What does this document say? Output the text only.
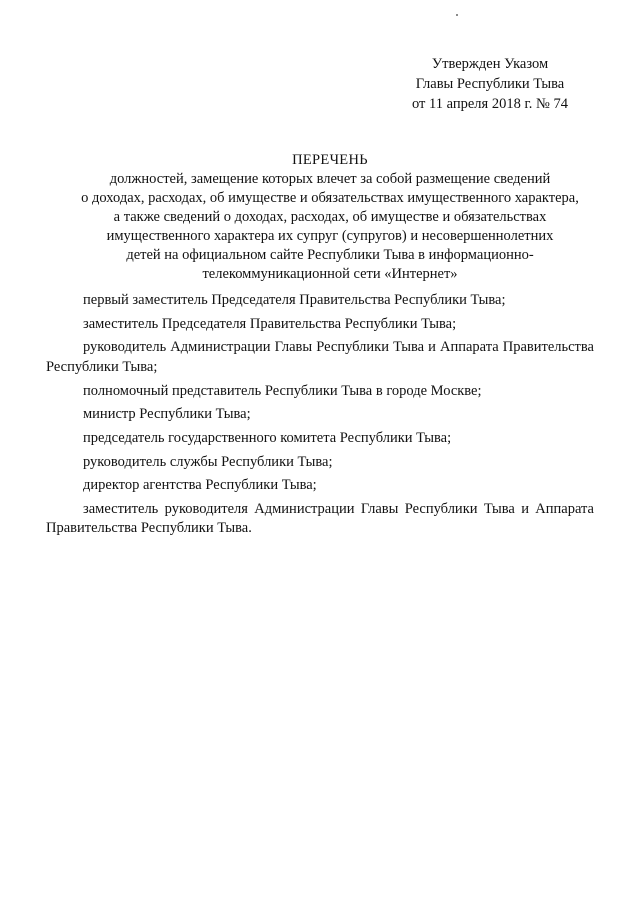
Утвержден Указом
Главы Республики Тыва
от 11 апреля 2018 г. № 74
ПЕРЕЧЕНЬ
должностей, замещение которых влечет за собой размещение сведений
о доходах, расходах, об имуществе и обязательствах имущественного характера,
а также сведений о доходах, расходах, об имуществе и обязательствах
имущественного характера их супруг (супругов) и несовершеннолетних
детей на официальном сайте Республики Тыва в информационно-
телекоммуникационной сети «Интернет»

первый заместитель Председателя Правительства Республики Тыва;

заместитель Председателя Правительства Республики Тыва;

руководитель Администрации Главы Республики Тыва и Аппарата Правительства Республики Тыва;

полномочный представитель Республики Тыва в городе Москве;

министр Республики Тыва;

председатель государственного комитета Республики Тыва;

руководитель службы Республики Тыва;

директор агентства Республики Тыва;

заместитель руководителя Администрации Главы Республики Тыва и Аппарата Правительства Республики Тыва.
